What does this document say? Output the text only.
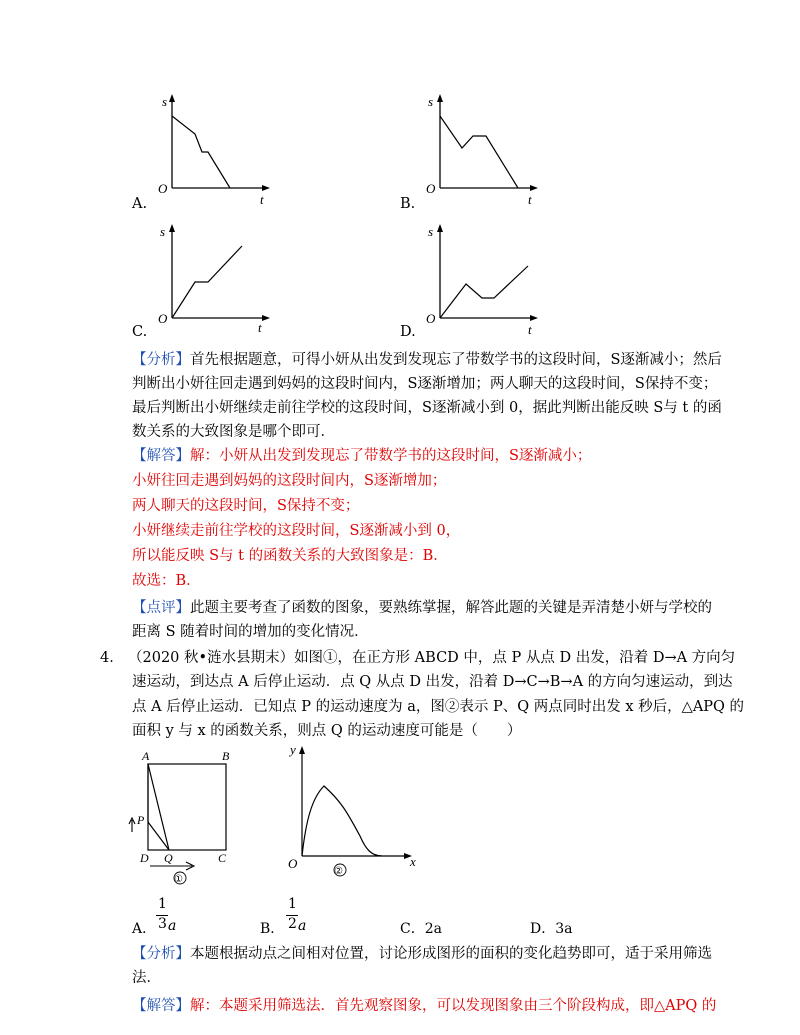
s
O
t
A.
s
O
t
B.
s
O
t
C.
s
O
t
D.
【分析】首先根据题意，可得小妍从出发到发现忘了带数学书的这段时间，S逐渐减小；然后
判断出小妍往回走遇到妈妈的这段时间内，S逐渐增加；两人聊天的这段时间，S保持不变；
最后判断出小妍继续走前往学校的这段时间，S逐渐减小到 0，据此判断出能反映 S与 t 的函
数关系的大致图象是哪个即可．
【解答】解：小妍从出发到发现忘了带数学书的这段时间，S逐渐减小；
小妍往回走遇到妈妈的这段时间内，S逐渐增加；
两人聊天的这段时间，S保持不变；
小妍继续走前往学校的这段时间，S逐渐减小到 0，
所以能反映 S与 t 的函数关系的大致图象是：B．
故选：B．
【点评】此题主要考查了函数的图象，要熟练掌握，解答此题的关键是弄清楚小妍与学校的
距离 S 随着时间的增加的变化情况．
4． （2020 秋•涟水县期末）如图①，在正方形 ABCD 中，点 P 从点 D 出发，沿着 D→A 方向匀
速运动，到达点 A 后停止运动．点 Q 从点 D 出发，沿着 D→C→B→A 的方向匀速运动，到达
点 A 后停止运动．已知点 P 的运动速度为 a，图②表示 P、Q 两点同时出发 x 秒后，△APQ 的
面积 y 与 x 的函数关系，则点 Q 的运动速度可能是（　　）
A	B
C
D
P
Q
①
y
x
O
②
A．
1
3 a	B．
1
2 a	C．2a	D．3a
【分析】本题根据动点之间相对位置，讨论形成图形的面积的变化趋势即可，适于采用筛选
法．
【解答】解：本题采用筛选法．首先观察图象，可以发现图象由三个阶段构成，即△APQ 的
